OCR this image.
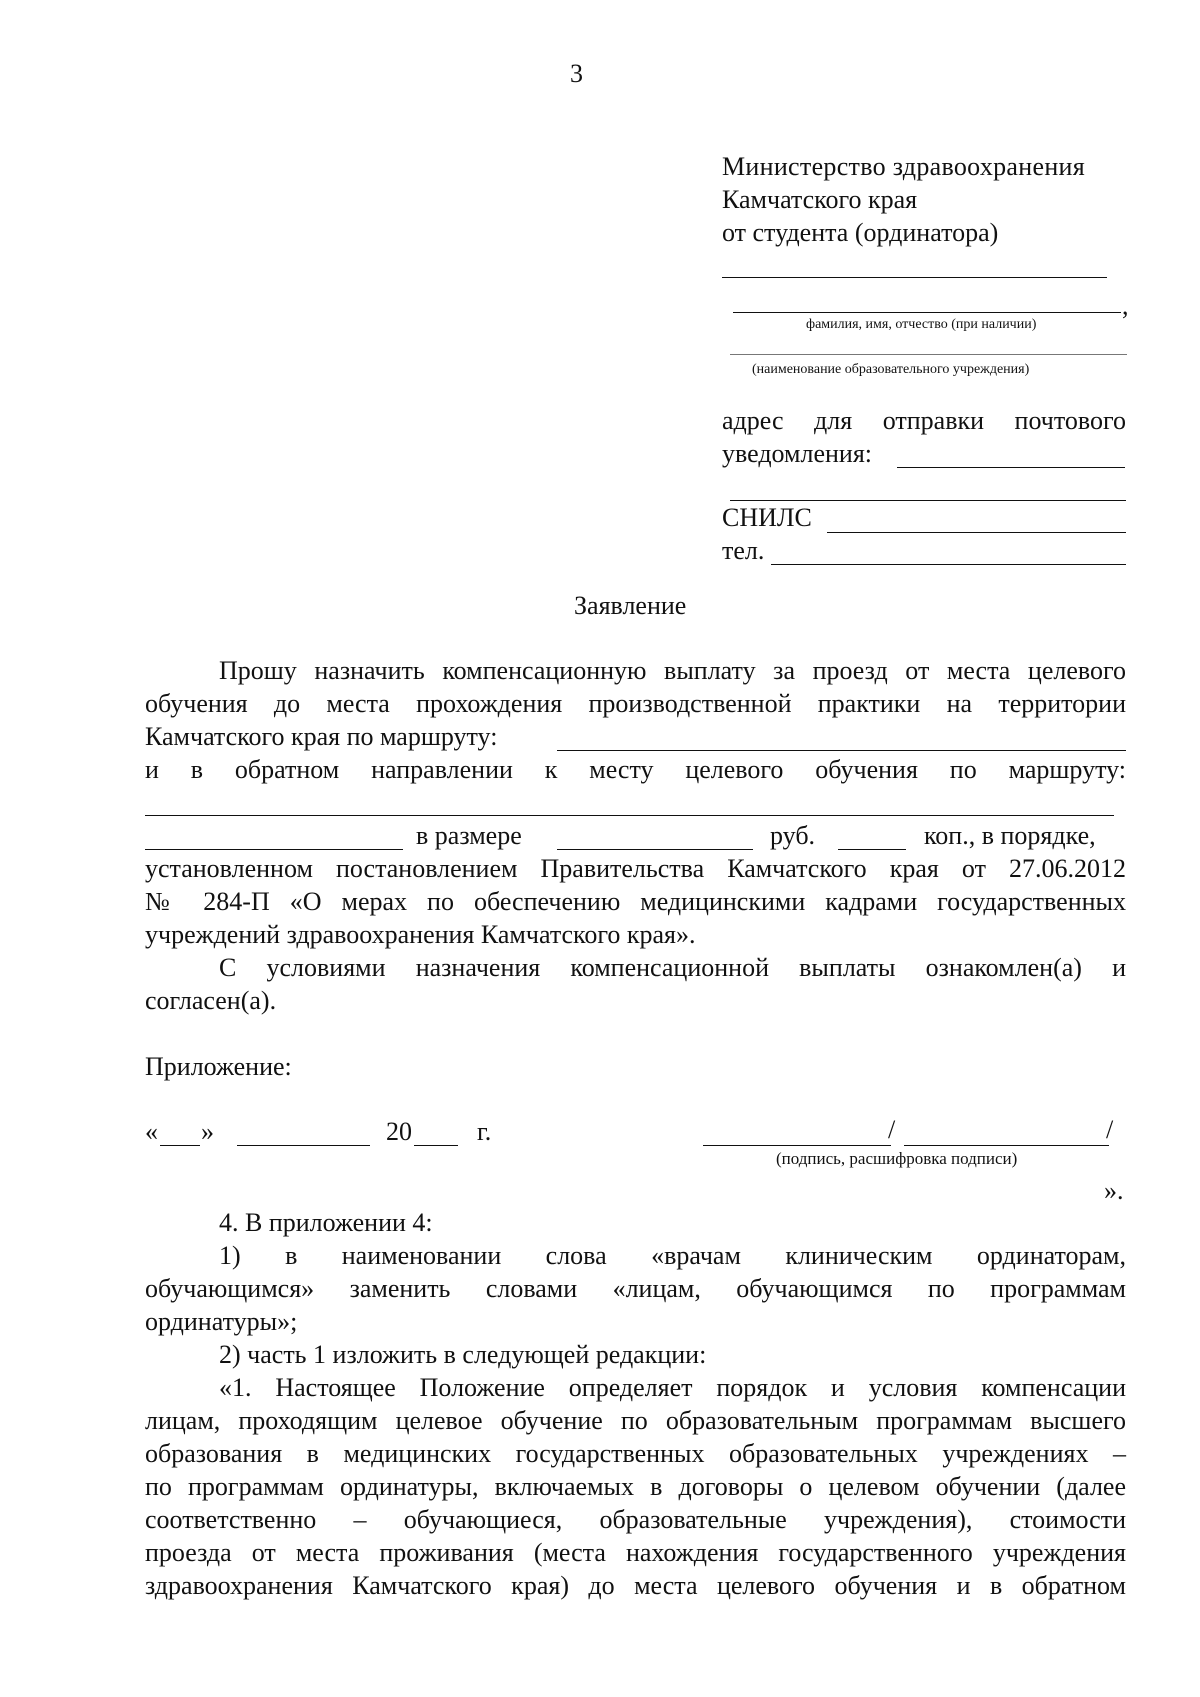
3
Министерство здравоохранения
Камчатского края
от студента (ординатора)
,
фамилия, имя, отчество (при наличии)
(наименование образовательного учреждения)
адрес для отправки почтового
уведомления:
СНИЛС
тел.
Заявление
Прошу назначить компенсационную выплату за проезд от места целевого
обучения до места прохождения производственной практики на территории
Камчатского края по маршруту:
и в обратном направлении к месту целевого обучения по маршруту:
в размере	руб.	коп., в порядке,
установленном постановлением Правительства Камчатского края от 27.06.2012
№ 284-П «О мерах по обеспечению медицинскими кадрами государственных
учреждений здравоохранения Камчатского края».
С условиями назначения компенсационной выплаты ознакомлен(а) и
согласен(а).
Приложение:
« »	20	г.	/	/
(подпись, расшифровка подписи)
».
4. В приложении 4:
1) в наименовании слова «врачам клиническим ординаторам,
обучающимся» заменить словами «лицам, обучающимся по программам
ординатуры»;
2) часть 1 изложить в следующей редакции:
«1. Настоящее Положение определяет порядок и условия компенсации
лицам, проходящим целевое обучение по образовательным программам высшего
образования в медицинских государственных образовательных учреждениях –
по программам ординатуры, включаемых в договоры о целевом обучении (далее
соответственно – обучающиеся, образовательные учреждения), стоимости
проезда от места проживания (места нахождения государственного учреждения
здравоохранения Камчатского края) до места целевого обучения и в обратном
